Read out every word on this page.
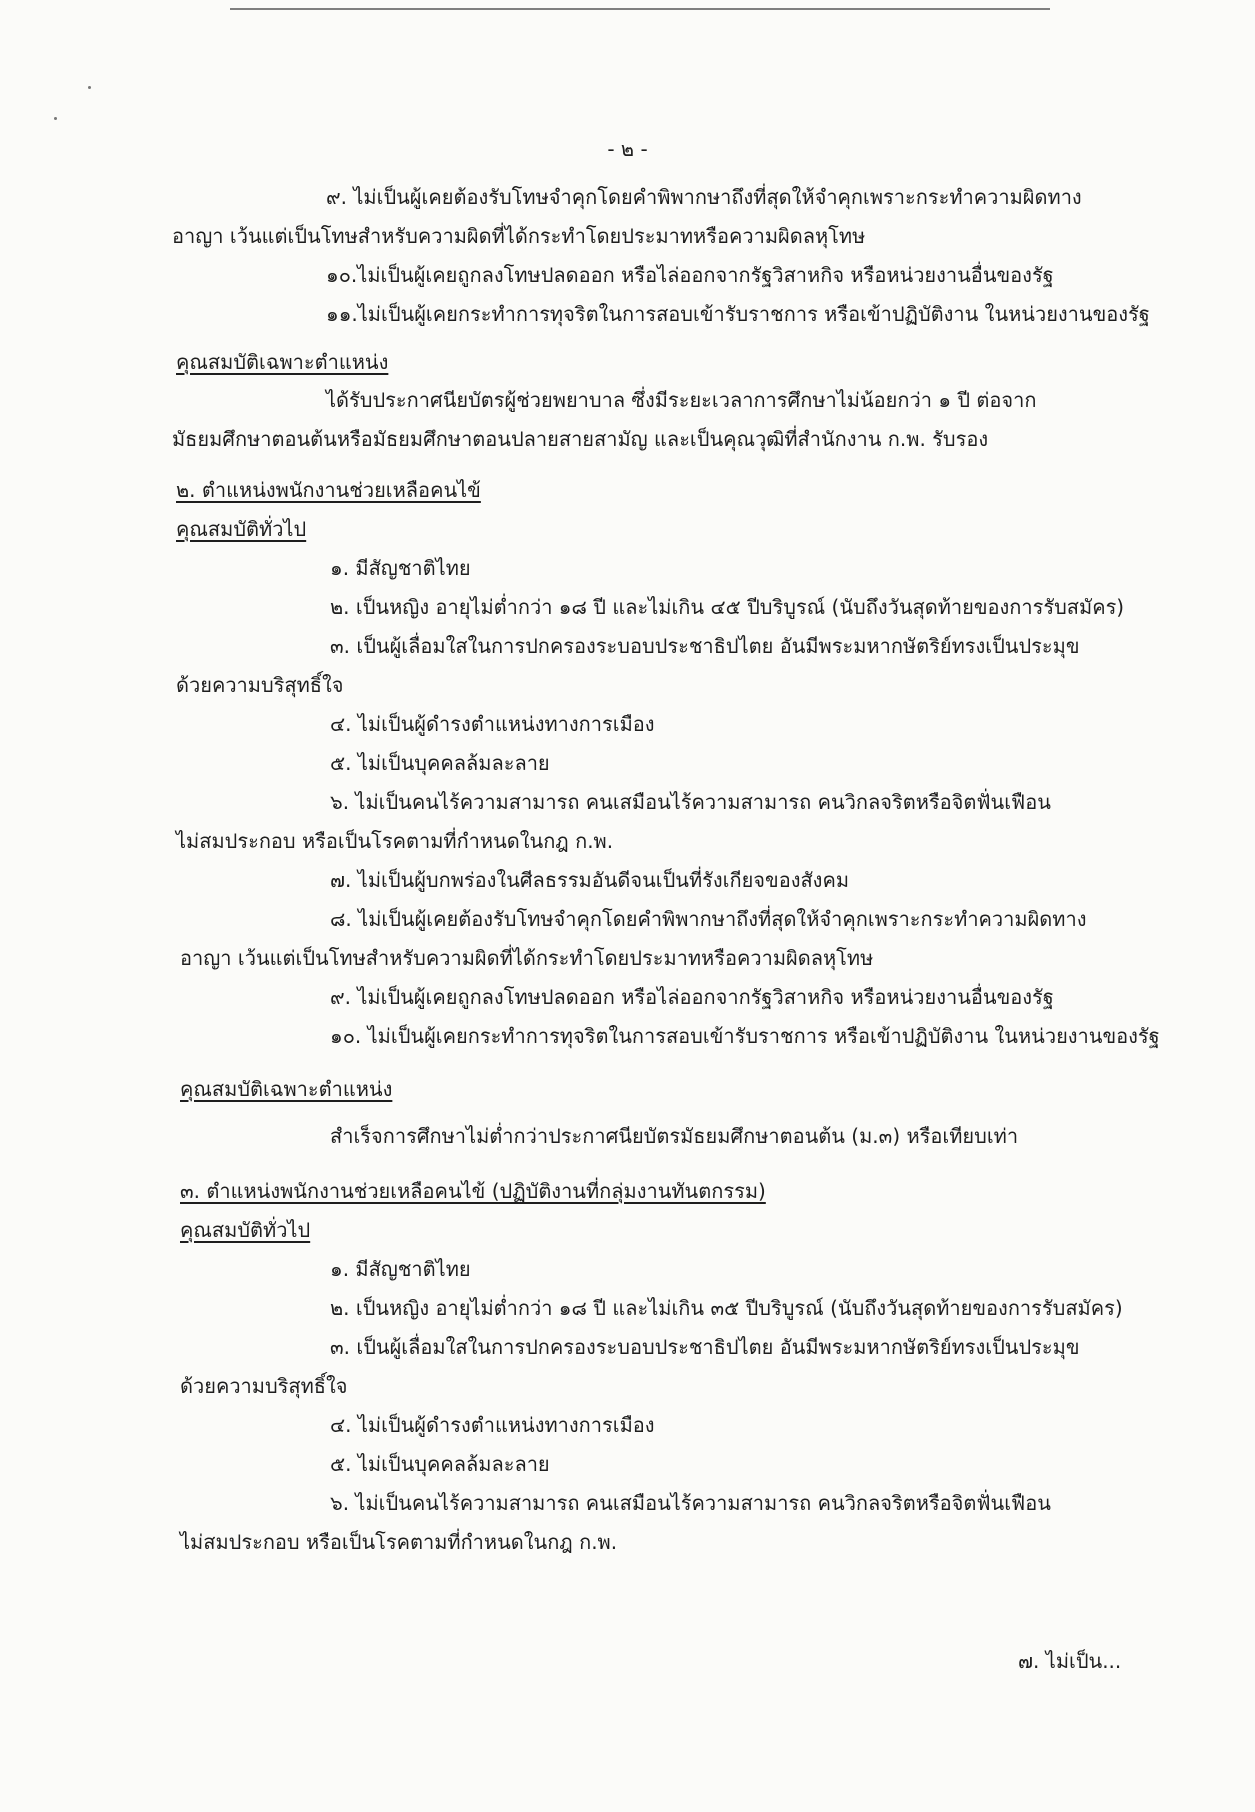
- ๒ -
๙. ไม่เป็นผู้เคยต้องรับโทษจำคุกโดยคำพิพากษาถึงที่สุดให้จำคุกเพราะกระทำความผิดทาง
อาญา เว้นแต่เป็นโทษสำหรับความผิดที่ได้กระทำโดยประมาทหรือความผิดลหุโทษ
๑๐.ไม่เป็นผู้เคยถูกลงโทษปลดออก หรือไล่ออกจากรัฐวิสาหกิจ หรือหน่วยงานอื่นของรัฐ
๑๑.ไม่เป็นผู้เคยกระทำการทุจริตในการสอบเข้ารับราชการ หรือเข้าปฏิบัติงาน ในหน่วยงานของรัฐ
คุณสมบัติเฉพาะตำแหน่ง
ได้รับประกาศนียบัตรผู้ช่วยพยาบาล ซึ่งมีระยะเวลาการศึกษาไม่น้อยกว่า ๑ ปี ต่อจาก
มัธยมศึกษาตอนต้นหรือมัธยมศึกษาตอนปลายสายสามัญ และเป็นคุณวุฒิที่สำนักงาน ก.พ. รับรอง
๒. ตำแหน่งพนักงานช่วยเหลือคนไข้
คุณสมบัติทั่วไป
๑. มีสัญชาติไทย
๒. เป็นหญิง อายุไม่ต่ำกว่า ๑๘ ปี และไม่เกิน ๔๕ ปีบริบูรณ์ (นับถึงวันสุดท้ายของการรับสมัคร)
๓. เป็นผู้เลื่อมใสในการปกครองระบอบประชาธิปไตย อันมีพระมหากษัตริย์ทรงเป็นประมุข
ด้วยความบริสุทธิ์ใจ
๔. ไม่เป็นผู้ดำรงตำแหน่งทางการเมือง
๕. ไม่เป็นบุคคลล้มละลาย
๖. ไม่เป็นคนไร้ความสามารถ คนเสมือนไร้ความสามารถ คนวิกลจริตหรือจิตฟั่นเฟือน
ไม่สมประกอบ หรือเป็นโรคตามที่กำหนดในกฎ ก.พ.
๗. ไม่เป็นผู้บกพร่องในศีลธรรมอันดีจนเป็นที่รังเกียจของสังคม
๘. ไม่เป็นผู้เคยต้องรับโทษจำคุกโดยคำพิพากษาถึงที่สุดให้จำคุกเพราะกระทำความผิดทาง
อาญา เว้นแต่เป็นโทษสำหรับความผิดที่ได้กระทำโดยประมาทหรือความผิดลหุโทษ
๙. ไม่เป็นผู้เคยถูกลงโทษปลดออก หรือไล่ออกจากรัฐวิสาหกิจ หรือหน่วยงานอื่นของรัฐ
๑๐. ไม่เป็นผู้เคยกระทำการทุจริตในการสอบเข้ารับราชการ หรือเข้าปฏิบัติงาน ในหน่วยงานของรัฐ
คุณสมบัติเฉพาะตำแหน่ง
สำเร็จการศึกษาไม่ต่ำกว่าประกาศนียบัตรมัธยมศึกษาตอนต้น (ม.๓) หรือเทียบเท่า
๓. ตำแหน่งพนักงานช่วยเหลือคนไข้ (ปฏิบัติงานที่กลุ่มงานทันตกรรม)
คุณสมบัติทั่วไป
๑. มีสัญชาติไทย
๒. เป็นหญิง อายุไม่ต่ำกว่า ๑๘ ปี และไม่เกิน ๓๕ ปีบริบูรณ์ (นับถึงวันสุดท้ายของการรับสมัคร)
๓. เป็นผู้เลื่อมใสในการปกครองระบอบประชาธิปไตย อันมีพระมหากษัตริย์ทรงเป็นประมุข
ด้วยความบริสุทธิ์ใจ
๔. ไม่เป็นผู้ดำรงตำแหน่งทางการเมือง
๕. ไม่เป็นบุคคลล้มละลาย
๖. ไม่เป็นคนไร้ความสามารถ คนเสมือนไร้ความสามารถ คนวิกลจริตหรือจิตฟั่นเฟือน
ไม่สมประกอบ หรือเป็นโรคตามที่กำหนดในกฎ ก.พ.
๗. ไม่เป็น...
